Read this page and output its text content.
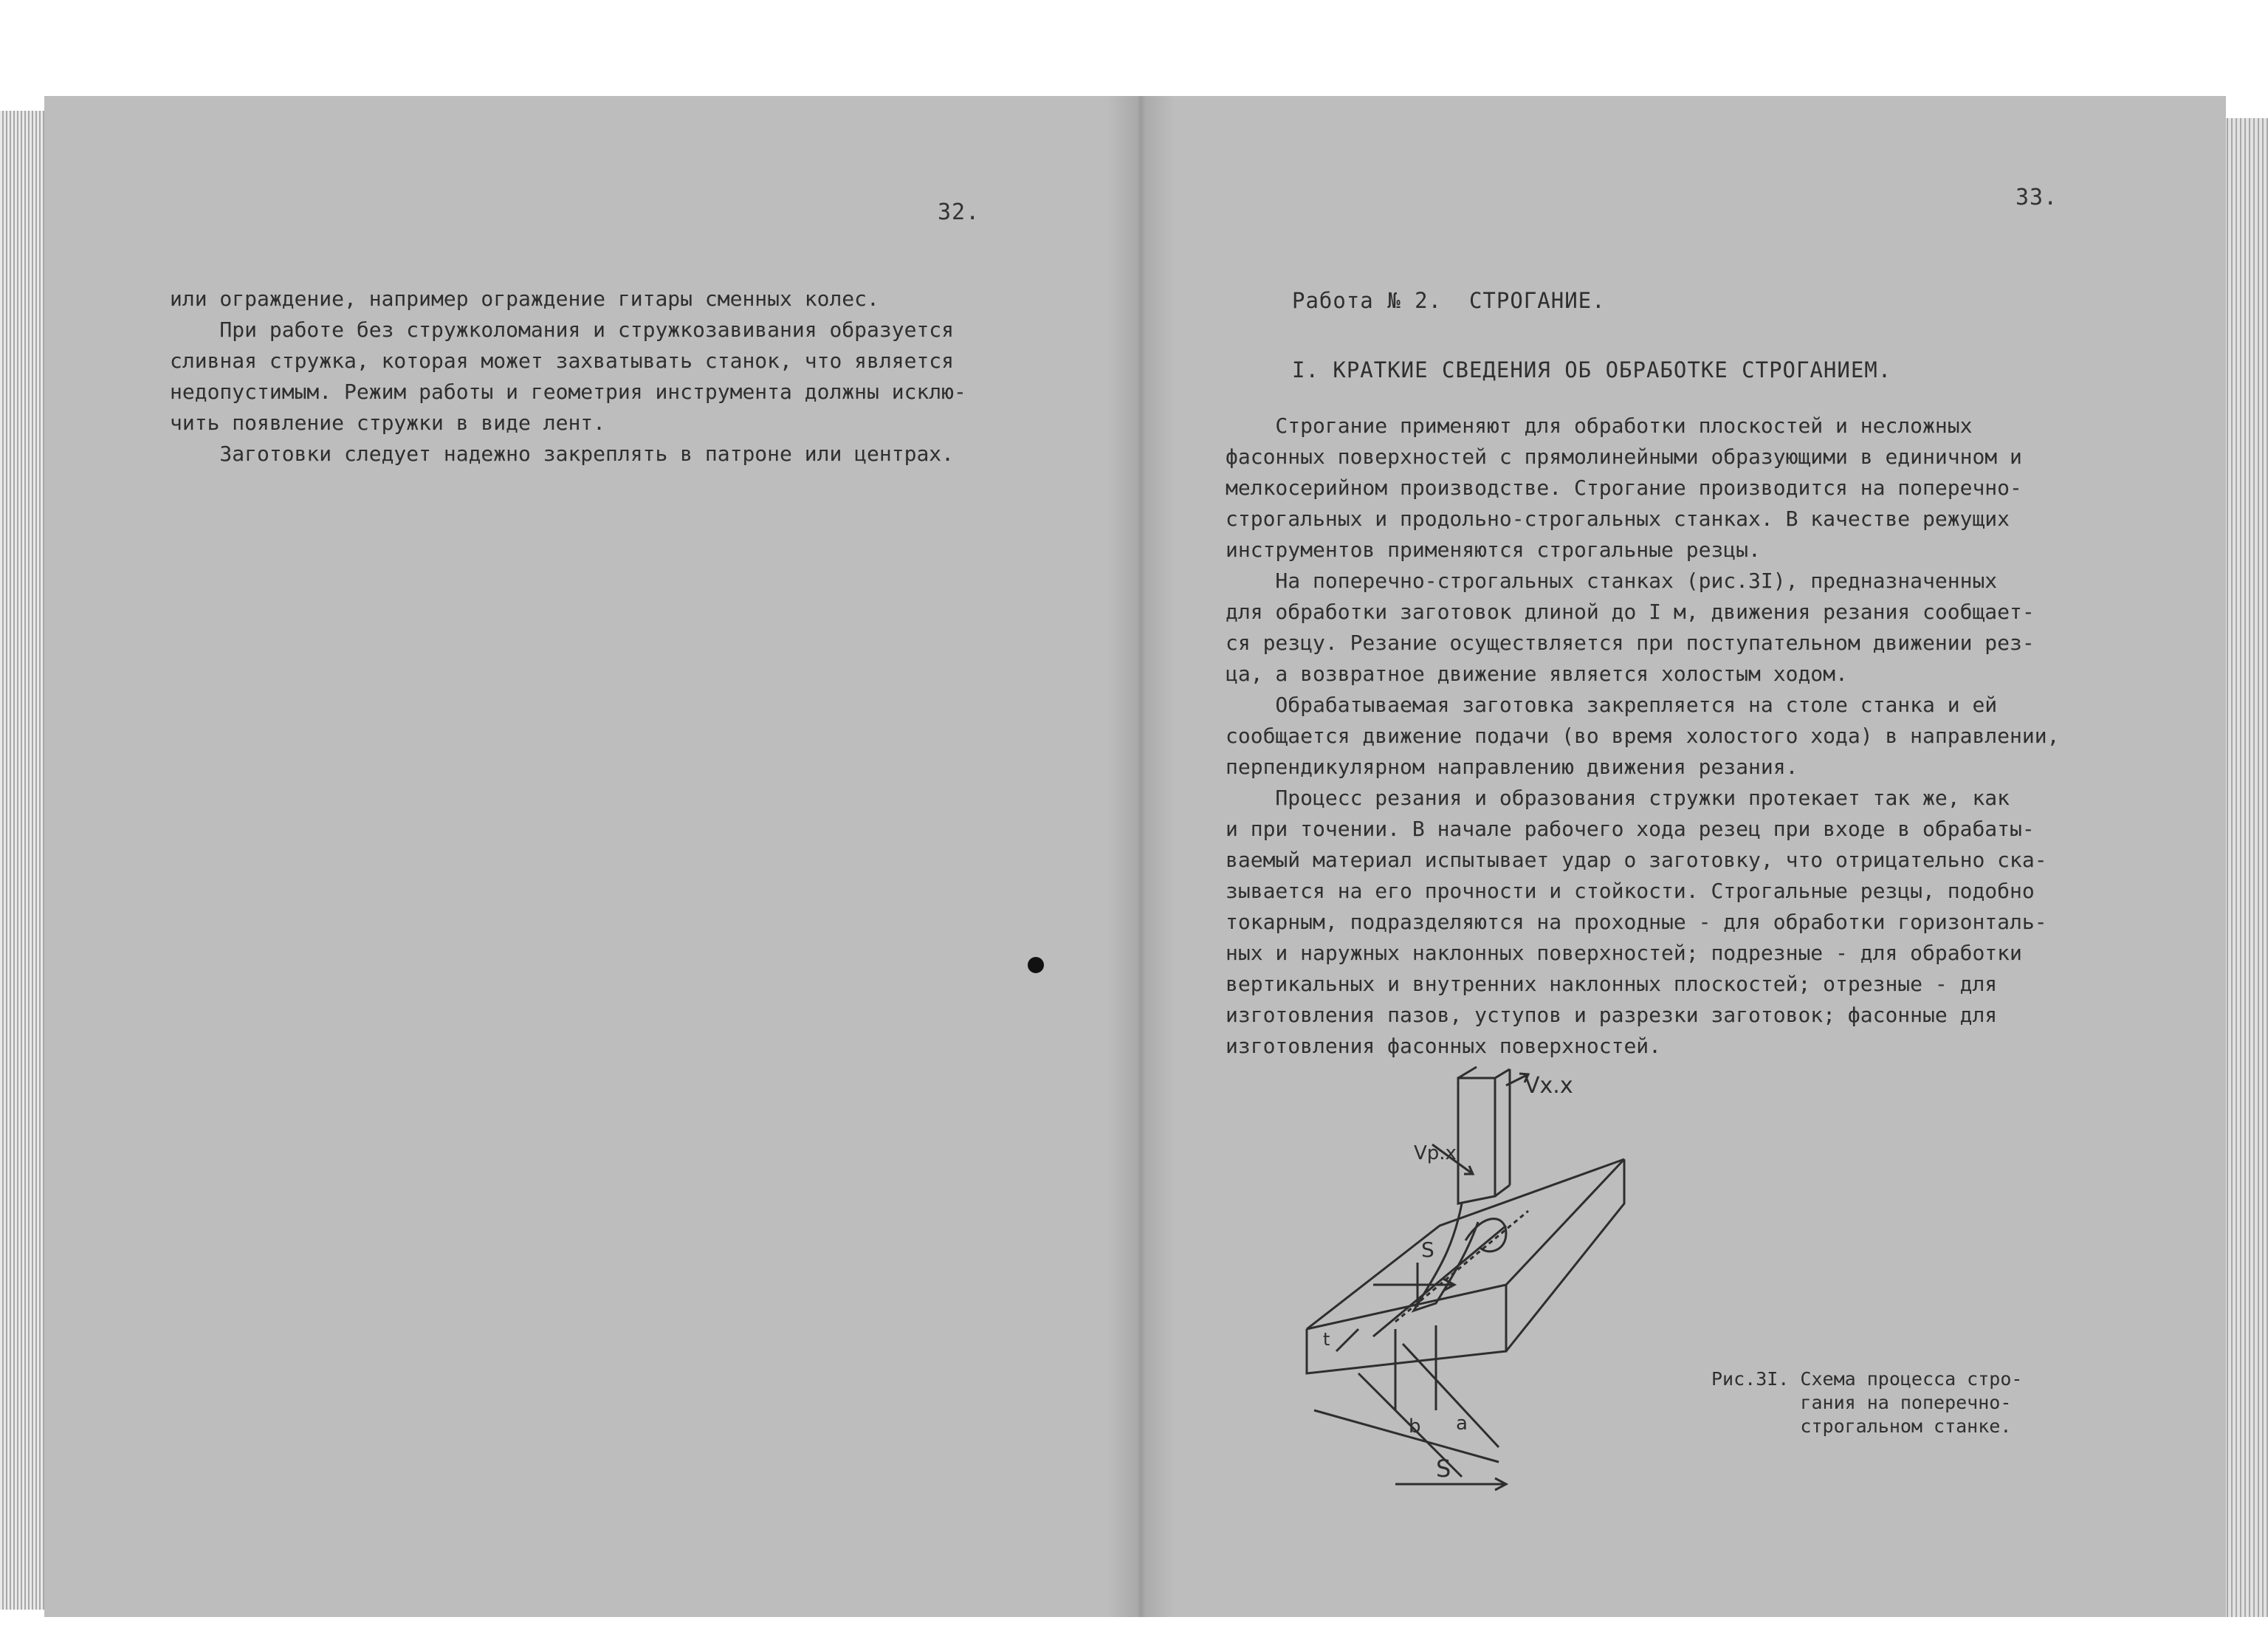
32.
или ограждение, например ограждение гитары сменных колес.
При работе без стружколомания и стружкозавивания образуется
сливная стружка, которая может захватывать станок, что является
недопустимым. Режим работы и геометрия инструмента должны исклю-
чить появление стружки в виде лент.
Заготовки следует надежно закреплять в патроне или центрах.
33.
Работа № 2.  СТРОГАНИЕ.
I. КРАТКИЕ СВЕДЕНИЯ ОБ ОБРАБОТКЕ СТРОГАНИЕМ.
Строгание применяют для обработки плоскостей и несложных
фасонных поверхностей с прямолинейными образующими в единичном и
мелкосерийном производстве. Строгание производится на поперечно-
строгальных и продольно-строгальных станках. В качестве режущих
инструментов применяются строгальные резцы.
На поперечно-строгальных станках (рис.3I), предназначенных
для обработки заготовок длиной до I м, движения резания сообщает-
ся резцу. Резание осуществляется при поступательном движении рез-
ца, а возвратное движение является холостым ходом.
Обрабатываемая заготовка закрепляется на столе станка и ей
сообщается движение подачи (во время холостого хода) в направлении,
перпендикулярном направлению движения резания.
Процесс резания и образования стружки протекает так же, как
и при точении. В начале рабочего хода резец при входе в обрабаты-
ваемый материал испытывает удар о заготовку, что отрицательно ска-
зывается на его прочности и стойкости. Строгальные резцы, подобно
токарным, подразделяются на проходные - для обработки горизонталь-
ных и наружных наклонных поверхностей; подрезные - для обработки
вертикальных и внутренних наклонных плоскостей; отрезные - для
изготовления пазов, уступов и разрезки заготовок; фасонные для
изготовления фасонных поверхностей.
Vх.х
Vр.х
S
t
b a
S
Рис.3I. Схема процесса стро-
гания на поперечно-
строгальном станке.
